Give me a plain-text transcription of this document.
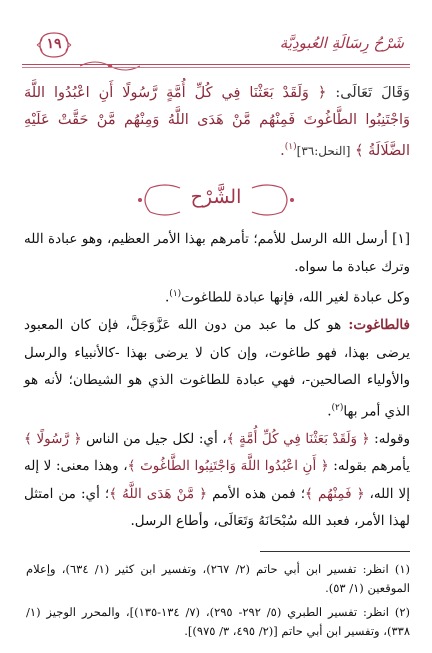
شَرْحُ رِسَالَةِ العُبودِيَّة
١٩
وَقَالَ تَعَالَى: ﴿ وَلَقَدْ بَعَثْنَا فِي كُلِّ أُمَّةٍ رَّسُولًا أَنِ اعْبُدُوا اللَّهَ وَاجْتَنِبُوا الطَّاغُوتَ فَمِنْهُم مَّنْ هَدَى اللَّهُ وَمِنْهُم مَّنْ حَقَّتْ عَلَيْهِ الضَّلَالَةُ ﴾ [النحل:٣٦]$^{(١)}$.
الشَّرْح

[١] أرسل الله الرسل للأمم؛ تأمرهم بهذا الأمر العظيم، وهو عبادة الله وترك عبادة ما سواه.

وكل عبادة لغير الله، فإنها عبادة للطاغوت$^{(١)}$.

فالطاغوت: هو كل ما عبد من دون الله عَزَّوَجَلَّ، فإن كان المعبود يرضى بهذا، فهو طاغوت، وإن كان لا يرضى بهذا -كالأنبياء والرسل والأولياء الصالحين-، فهي عبادة للطاغوت الذي هو الشيطان؛ لأنه هو الذي أمر بها$^{(٢)}$.

وقوله: ﴿ وَلَقَدْ بَعَثْنَا فِي كُلِّ أُمَّةٍ ﴾، أي: لكل جيل من الناس ﴿ رَّسُولًا ﴾ يأمرهم بقوله: ﴿ أَنِ اعْبُدُوا اللَّهَ وَاجْتَنِبُوا الطَّاغُوتَ ﴾، وهذا معنى: لا إله إلا الله، ﴿ فَمِنْهُم ﴾؛ فمن هذه الأمم ﴿ مَّنْ هَدَى اللَّهُ ﴾؛ أي: من امتثل لهذا الأمر، فعبد الله سُبْحَانَهُ وَتَعَالَى، وأطاع الرسل.

(١) انظر: تفسير ابن أبي حاتم (٢/ ٢٦٧)، وتفسير ابن كثير (١/ ٦٣٤)، وإعلام الموقعين (١/ ٥٣).

(٢) انظر: تفسير الطبري (٥/ ٢٩٢- ٢٩٥)، (٧/ ١٣٤-١٣٥)]، والمحرر الوجيز (١/ ٣٣٨)، وتفسير ابن أبي حاتم [(٢/ ٤٩٥، ٣/ ٩٧٥)].
